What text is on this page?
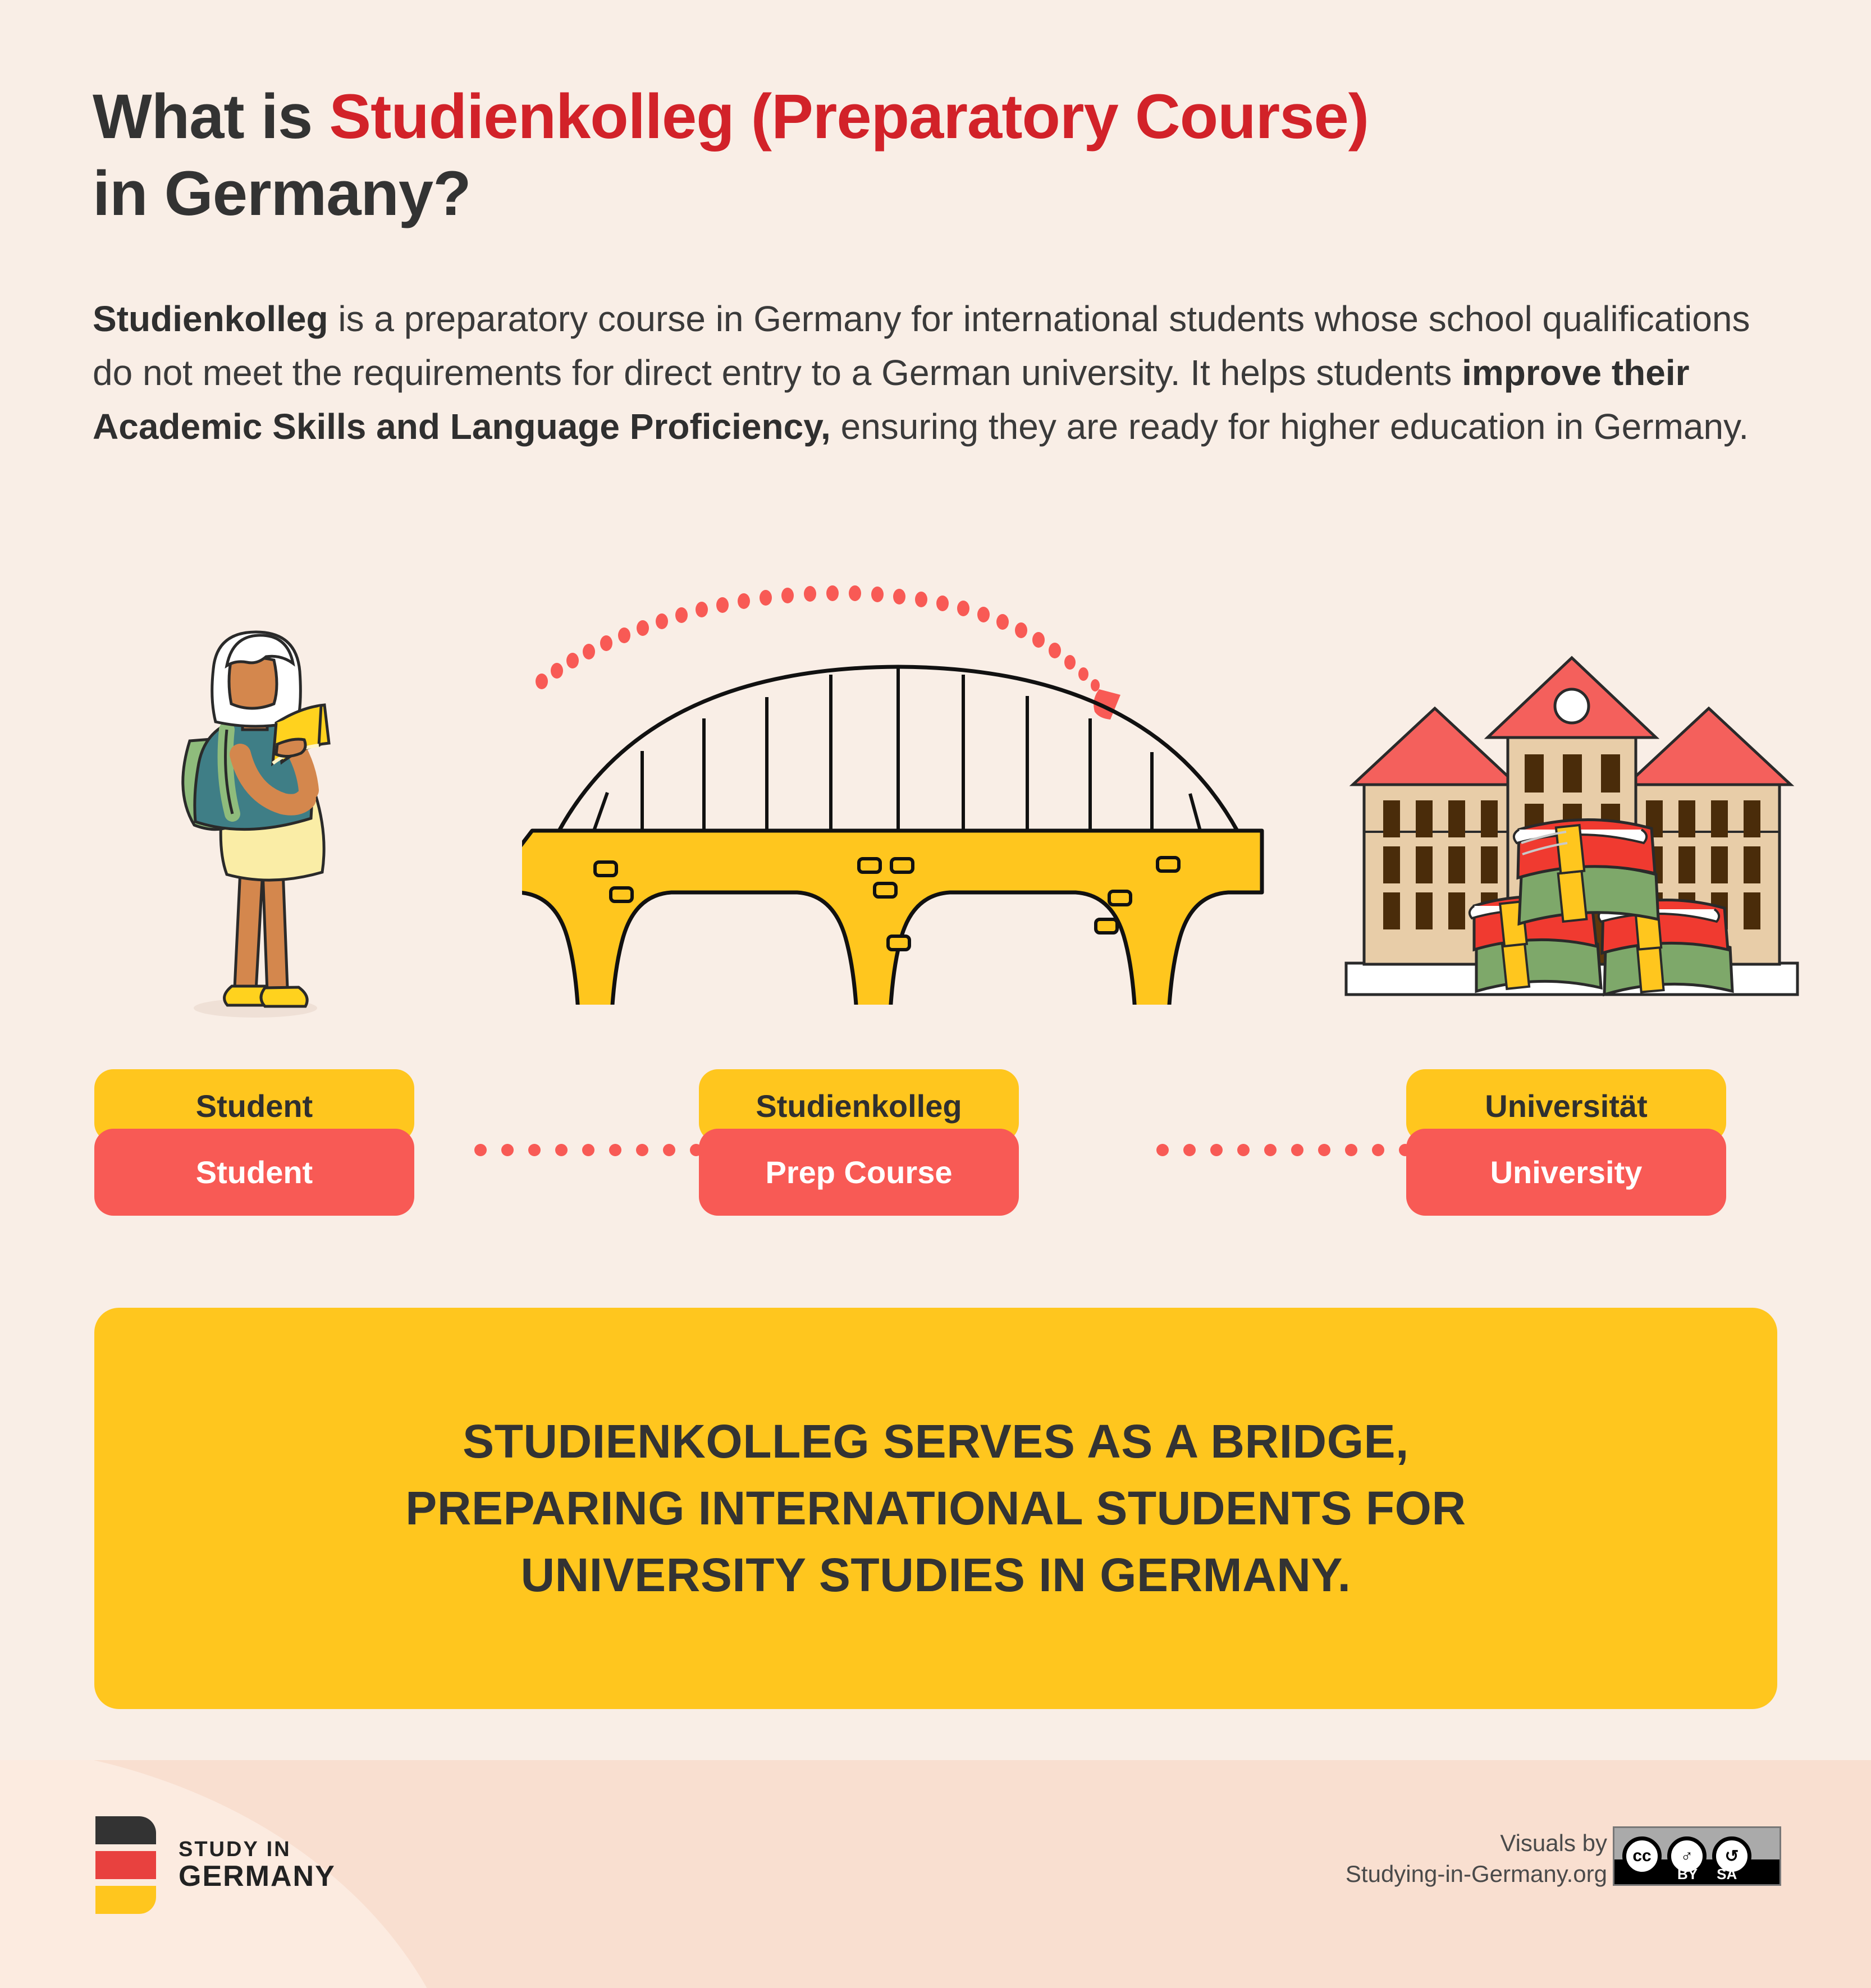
What is Studienkolleg (Preparatory Course)
in Germany?
Studienkolleg is a preparatory course in Germany for international students whose school qualifications do not meet the requirements for direct entry to a German university. It helps students improve their Academic Skills and Language Proficiency, ensuring they are ready for higher education in Germany.
Student
Student
Studienkolleg
Prep Course
Universität
University
STUDIENKOLLEG SERVES AS A BRIDGE,
PREPARING INTERNATIONAL STUDENTS FOR
UNIVERSITY STUDIES IN GERMANY.
STUDY IN
GERMANY
Visuals by
Studying-in-Germany.org
cc	♂	↺
BY SA
